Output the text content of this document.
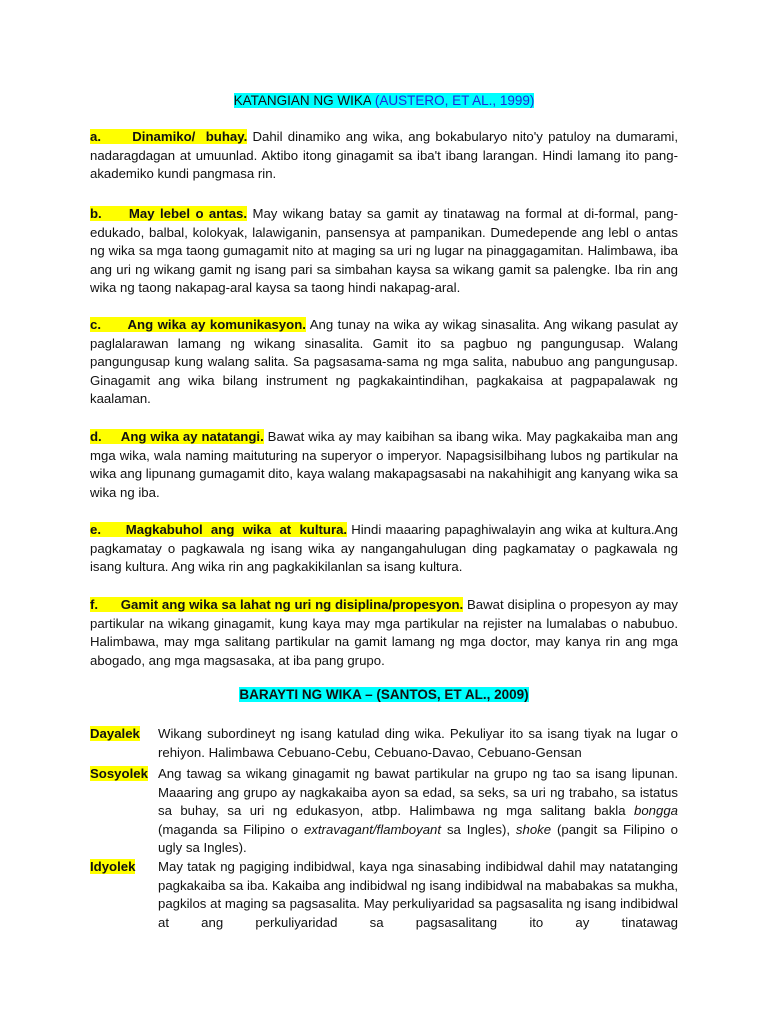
KATANGIAN NG WIKA (AUSTERO, ET AL., 1999)
a.      Dinamiko/  buhay. Dahil dinamiko ang wika, ang bokabularyo nito'y patuloy na dumarami, nadaragdagan at umuunlad. Aktibo itong ginagamit sa iba't ibang larangan. Hindi lamang ito pang-akademiko kundi pangmasa rin.
b.     May lebel o antas. May wikang batay sa gamit ay tinatawag na formal at di-formal, pang-edukado, balbal, kolokyak, lalawiganin, pansensya at pampanikan. Dumedepende ang lebl o antas ng wika sa mga taong gumagamit nito at maging sa uri ng lugar na pinaggagamitan. Halimbawa, iba ang uri ng wikang gamit ng isang pari sa simbahan kaysa sa wikang gamit sa palengke. Iba rin ang wika ng taong nakapag-aral kaysa sa taong hindi nakapag-aral.
c.      Ang wika ay komunikasyon. Ang tunay na wika ay wikag sinasalita. Ang wikang pasulat ay paglalarawan lamang ng wikang sinasalita. Gamit ito sa pagbuo ng pangungusap. Walang pangungusap kung walang salita. Sa pagsasama-sama ng mga salita, nabubuo ang pangungusap. Ginagamit ang wika bilang instrument ng pagkakaintindihan, pagkakaisa at pagpapalawak ng kaalaman.
d.     Ang wika ay natatangi. Bawat wika ay may kaibihan sa ibang wika. May pagkakaiba man ang mga wika, wala naming maituturing na superyor o imperyor. Napagsisilbihang lubos ng partikular na wika ang lipunang gumagamit dito, kaya walang makapagsasabi na nakahihigit ang kanyang wika sa wika ng iba.
e.      Magkabuhol  ang  wika  at  kultura. Hindi maaaring papaghiwalayin ang wika at kultura.Ang pagkamatay o pagkawala ng isang wika ay nangangahulugan ding pagkamatay o pagkawala ng isang kultura. Ang wika rin ang pagkakikilanlan sa isang kultura.
f.      Gamit ang wika sa lahat ng uri ng disiplina/propesyon. Bawat disiplina o propesyon ay may partikular na wikang ginagamit, kung kaya may mga partikular na rejister na lumalabas o nabubuo. Halimbawa, may mga salitang partikular na gamit lamang ng mga doctor, may kanya rin ang mga abogado, ang mga magsasaka, at iba pang grupo.
BARAYTI NG WIKA – (SANTOS, ET AL., 2009)
Dayalek	Wikang subordineyt ng isang katulad ding wika. Pekuliyar ito sa isang tiyak na lugar o rehiyon. Halimbawa Cebuano-Cebu, Cebuano-Davao, Cebuano-Gensan
Sosyolek Ang tawag sa wikang ginagamit ng bawat partikular na grupo ng tao sa isang lipunan. Maaaring ang grupo ay nagkakaiba ayon sa edad, sa seks, sa uri ng trabaho, sa istatus sa buhay, sa uri ng edukasyon, atbp. Halimbawa ng mga salitang bakla bongga (maganda sa Filipino o extravagant/flamboyant sa Ingles), shoke (pangit sa Filipino o ugly sa Ingles).
Idyolek	May tatak ng pagiging indibidwal, kaya nga sinasabing indibidwal dahil may natatanging pagkakaiba sa iba. Kakaiba ang indibidwal ng isang indibidwal na mababakas sa mukha, pagkilos at maging sa pagsasalita. May perkuliyaridad sa pagsasalita ng isang indibidwal at ang perkuliyaridad sa pagsasalitang ito ay tinatawag
